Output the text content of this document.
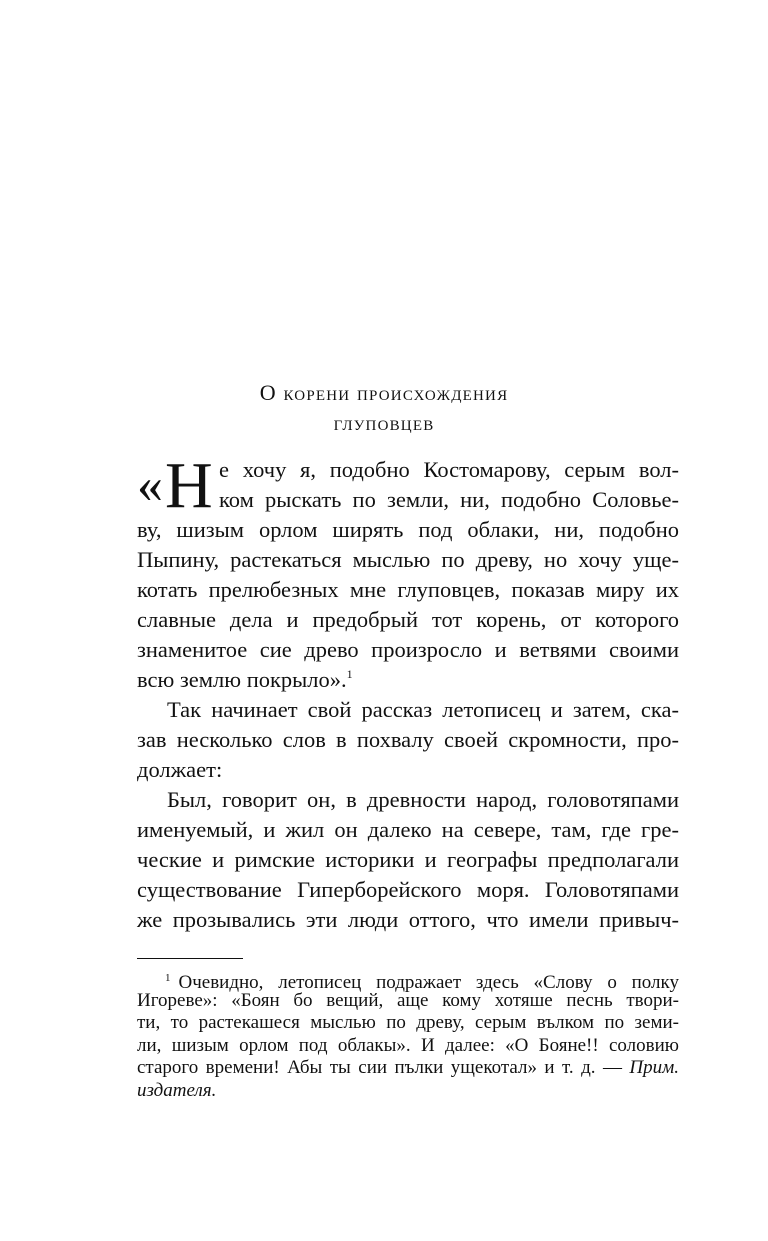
О корени происхождения
глуповцев
« Н е хочу я, подобно Костомарову, серым вол-
ком рыскать по земли, ни, подобно Соловье-
ву, шизым орлом ширять под облаки, ни, подобно
Пыпину, растекаться мыслью по древу, но хочу уще-
котать прелюбезных мне глуповцев, показав миру их
славные дела и предобрый тот корень, от которого
знаменитое сие древо произросло и ветвями своими
всю землю покрыло».$^1$
Так начинает свой рассказ летописец и затем, ска-
зав несколько слов в похвалу своей скромности, про-
должает:
Был, говорит он, в древности народ, головотяпами
именуемый, и жил он далеко на севере, там, где гре-
ческие и римские историки и географы предполагали
существование Гиперборейского моря. Головотяпами
же прозывались эти люди оттого, что имели привыч-
$^1$ Очевидно, летописец подражает здесь «Слову о полку
Игореве»: «Боян бо вещий, аще кому хотяше песнь твори-
ти, то растекашеся мыслью по древу, серым вълком по земи-
ли, шизым орлом под облакы». И далее: «О Бояне!! соловию
старого времени! Абы ты сии пълки ущекотал» и т. д. — Прим.
издателя.
